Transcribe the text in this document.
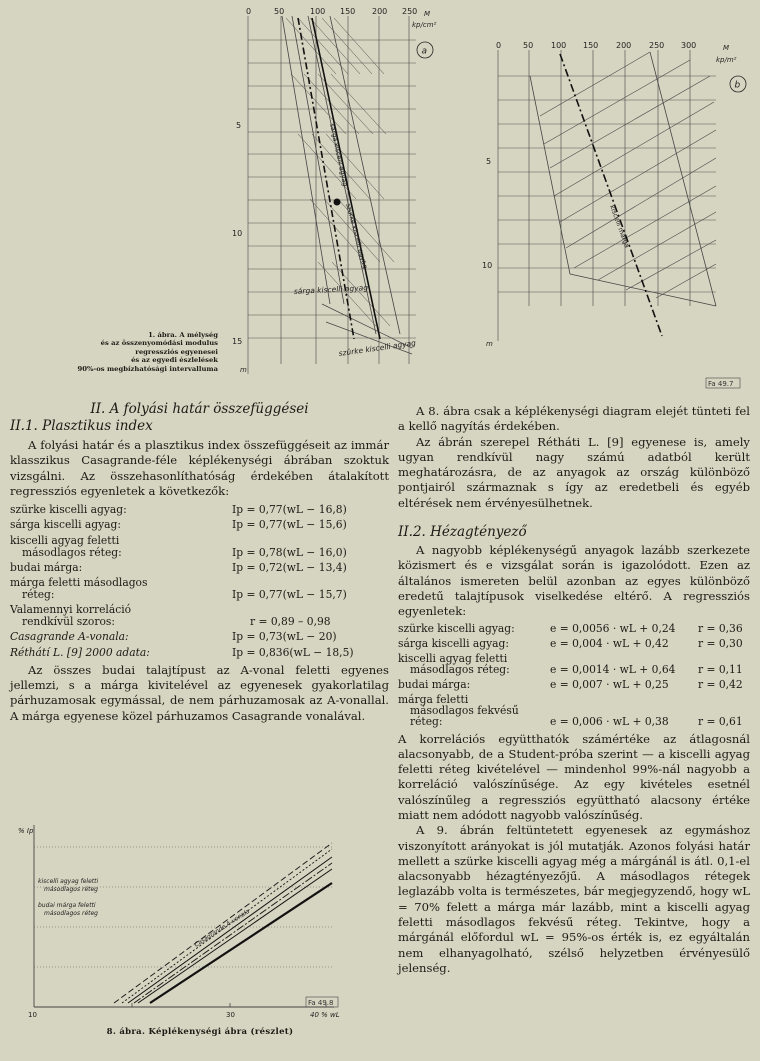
0	50	100 150 200 250 M
kp/cm²
5
10
15
m
sárga kiscelli agyag
szürke kiscelli agyag
szürke kiscelli agyag
sárga kiscelli agyag
a
1. ábra. A mélység
és az összenyomódási modulus
regressziós egyenesei
és az egyedi észlelések
90%-os megbízhatósági intervalluma
0	50 100 150 200 250 300	M
kp/m²
5
10
m
kiscelli márga
b
Fa 49.7
II. A folyási határ összefüggései
II.1. Plasztikus index

A folyási határ és a plasztikus index összefüggéseit az immár klasszikus Casagrande-féle képlékenységi ábrában szoktuk vizsgálni. Az összehasonlíthatóság érdekében átalakított regressziós egyenletek a következők:

szürke kiscelli agyag:	Ip = 0,77(wL − 16,8)
sárga kiscelli agyag:	Ip = 0,77(wL − 15,6)
kiscelli agyag feletti
másodlagos réteg:	Ip = 0,78(wL − 16,0)
budai márga:	Ip = 0,72(wL − 13,4)
márga feletti másodlagos
réteg:	Ip = 0,77(wL − 15,7)
Valamennyi korreláció
rendkívül szoros:	r = 0,89 – 0,98
Casagrande A-vonala:	Ip = 0,73(wL − 20)
Réthátí L. [9] 2000 adata:	Ip = 0,836(wL − 18,5)

Az összes budai talajtípust az A-vonal feletti egyenes jellemzi, s a márga kivitelével az egyenesek gyakorlatilag párhuzamosak egymással, de nem párhuzamosak az A-vonallal. A márga egyenese közel párhuzamos Casagrande vonalával.

% Ip
10	30	40 % wL
kiscelli agyag feletti
másodlagos réteg
budai márga feletti
másodlagos réteg	Casagrande A-vonala
Fa 49.8
8. ábra. Képlékenységi ábra (részlet)

A 8. ábra csak a képlékenységi diagram elejét tünteti fel a kellő nagyítás érdekében.

Az ábrán szerepel Rétháti L. [9] egyenese is, amely ugyan rendkívül nagy számú adatból került meghatározásra, de az anyagok az ország különböző pontjairól származnak s így az eredetbeli és egyéb eltérések nem érvényesülhetnek.

II.2. Hézagtényező

A nagyobb képlékenységű anyagok lazább szerkezete közismert és e vizsgálat során is igazolódott. Ezen az általános ismereten belül azonban az egyes különböző eredetű talajtípusok viselkedése eltérő. A regressziós egyenletek:

szürke kiscelli agyag:	e = 0,0056 · wL + 0,24 r = 0,36
sárga kiscelli agyag:	e = 0,004 · wL + 0,42	r = 0,30
kiscelli agyag feletti
másodlagos réteg:	e = 0,0014 · wL + 0,64 r = 0,11
budai márga:	e = 0,007 · wL + 0,25	r = 0,42
márga feletti
másodlagos fekvésű
réteg:	e = 0,006 · wL + 0,38	r = 0,61

A korrelációs együtthatók számértéke az átlagosnál alacsonyabb, de a Student-próba szerint — a kiscelli agyag feletti réteg kivételével — mindenhol 99%-nál nagyobb a korreláció valószínűsége. Az egy kivételes esetnél valószínűleg a regressziós együttható alacsony értéke miatt nem adódott nagyobb valószínűség.

A 9. ábrán feltüntetett egyenesek az egymáshoz viszonyított arányokat is jól mutatják. Azonos folyási határ mellett a szürke kiscelli agyag még a márgánál is átl. 0,1-el alacsonyabb hézagtényezőjű. A másodlagos rétegek leglazább volta is természetes, bár megjegyzendő, hogy wL = 70% felett a márga már lazább, mint a kiscelli agyag feletti másodlagos fekvésű réteg. Tekintve, hogy a márgánál előfordul wL = 95%-os érték is, ez egyáltalán nem elhanyagolható, szélső helyzetben érvényesülő jelenség.
